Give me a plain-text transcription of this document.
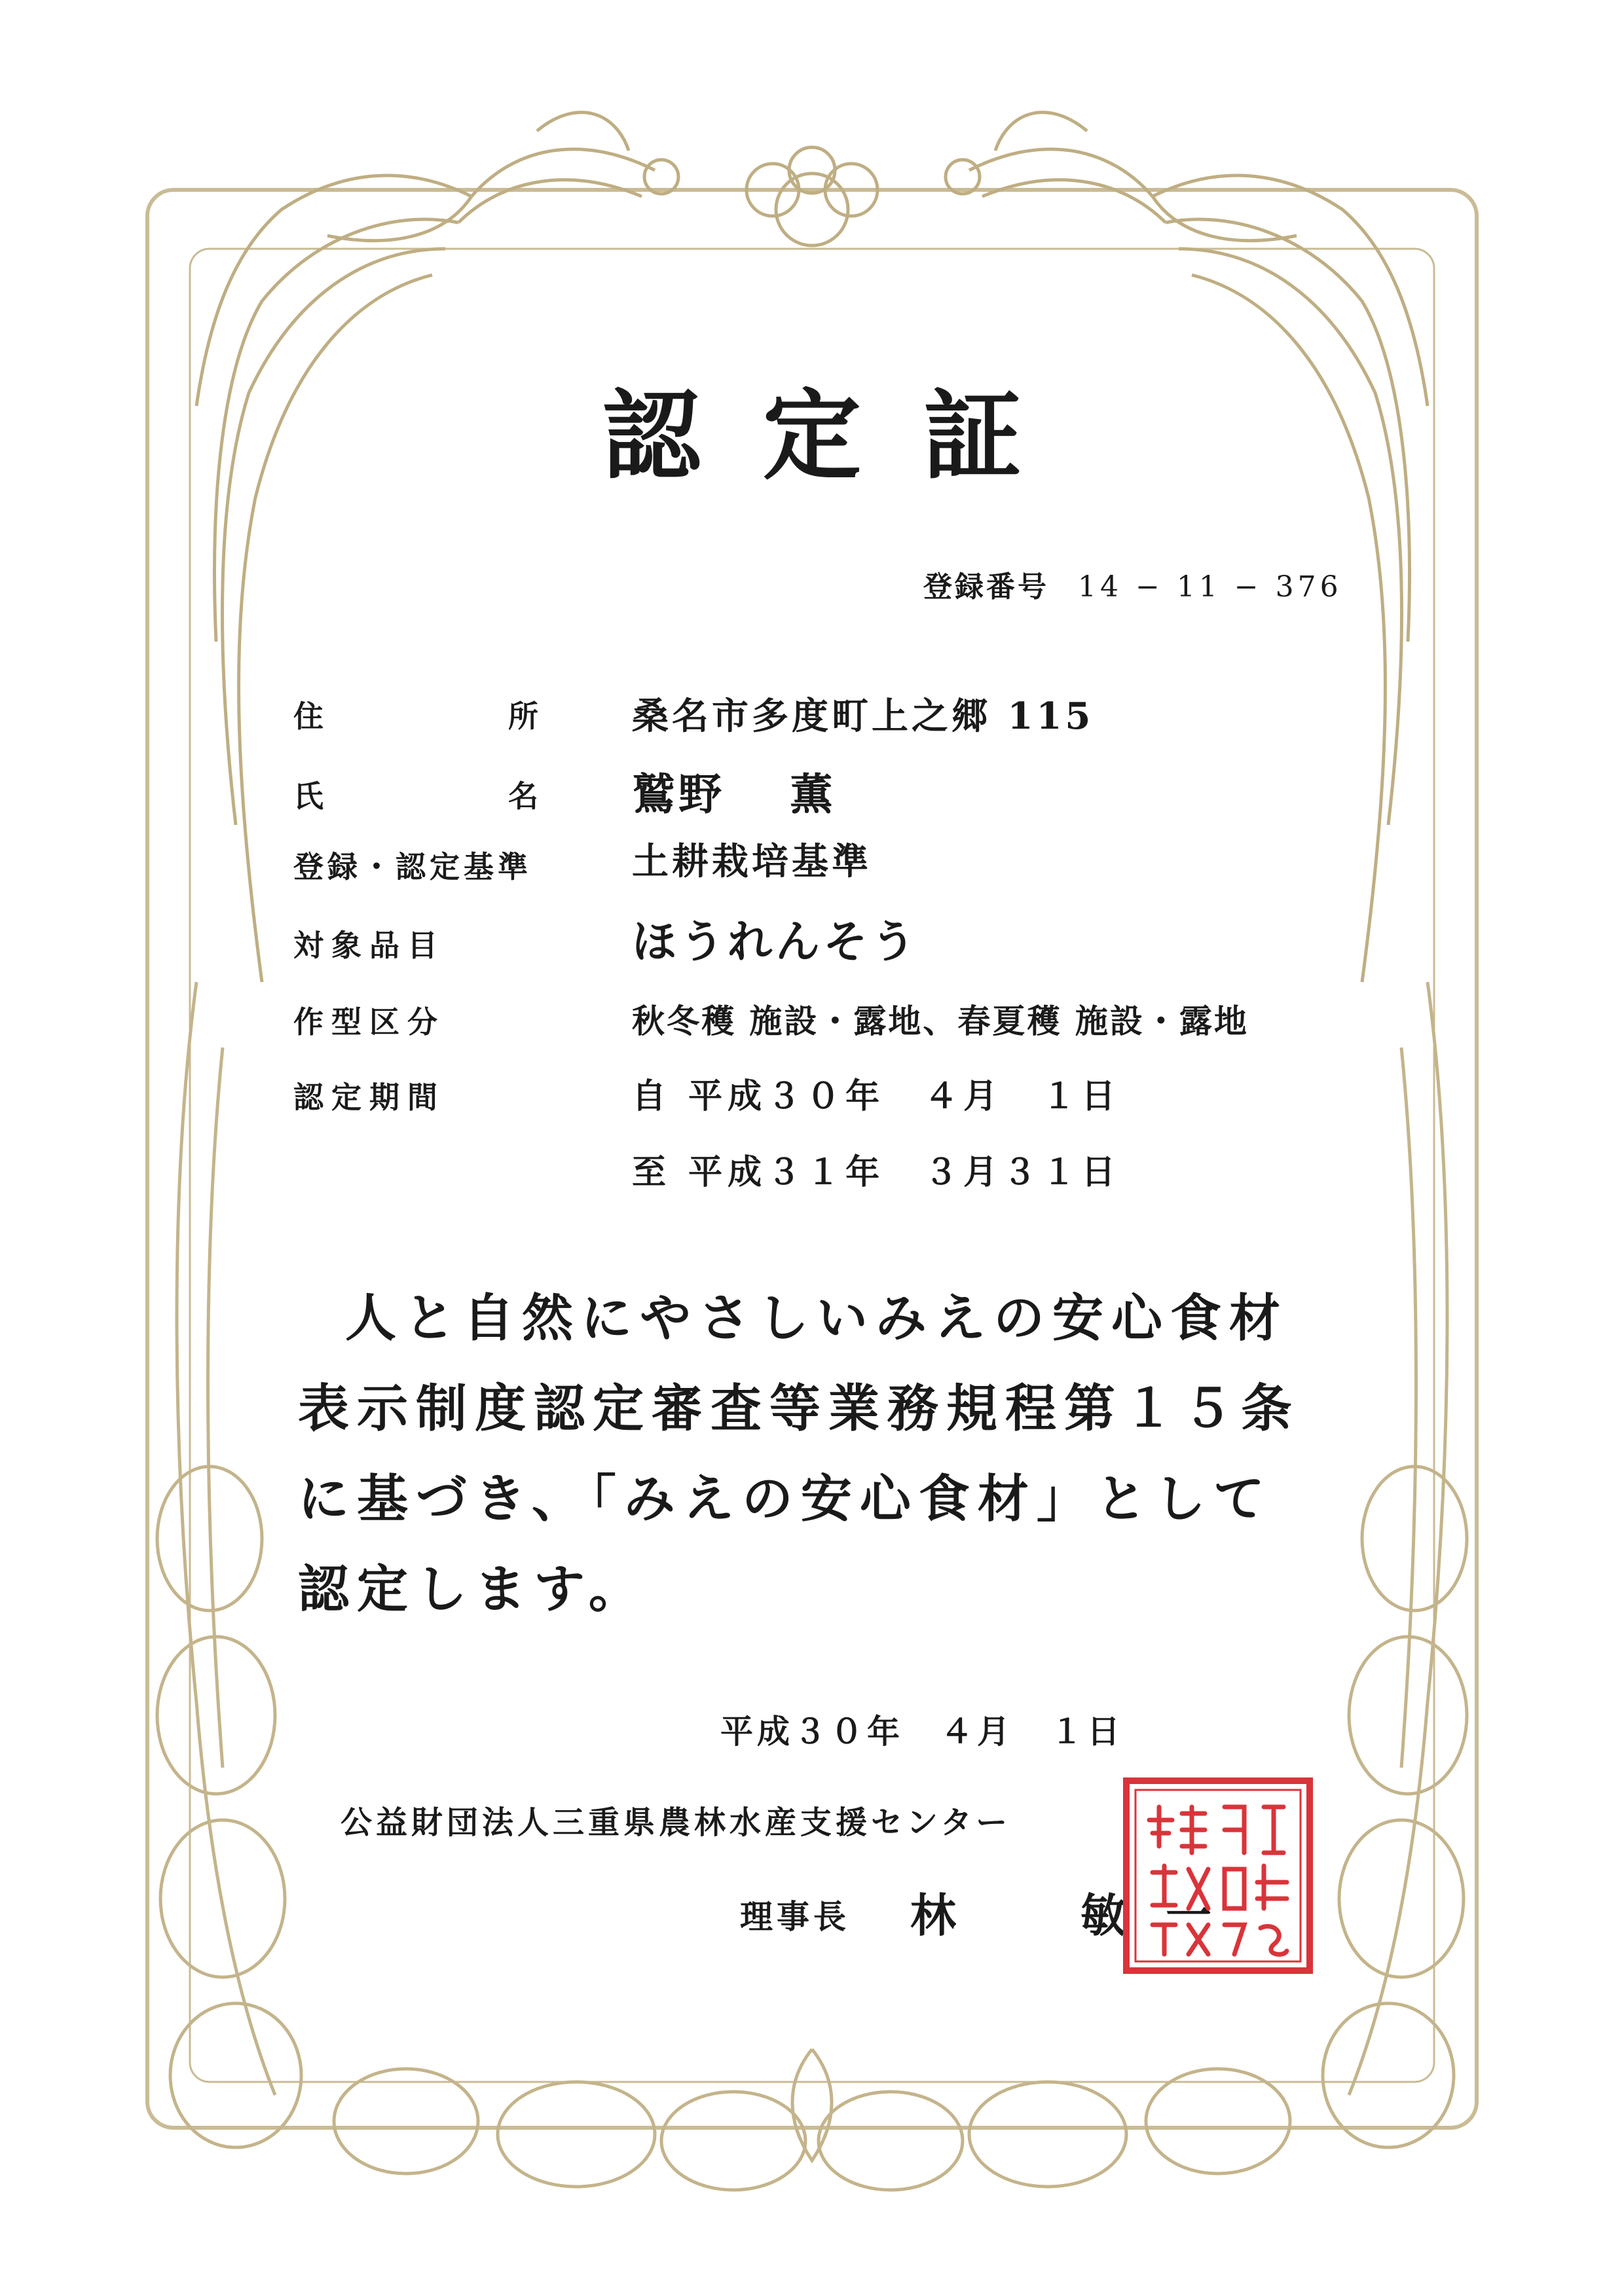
認定証
登録番号 14 − 11 − 376
住　所 桑名市多度町上之郷 115
氏　名 鷲野　 薫
登録・認定基準	土耕栽培基準
対象品目	ほうれんそう
作型区分	秋冬穫 施設・露地、春夏穫 施設・露地
認定期間	自 平成３０年　４月　１日
至 平成３１年　３月３１日
人と自然にやさしいみえの安心食材
表示制度認定審査等業務規程第１５条
に基づき、「みえの安心食材」として
認定します。
平成３０年　４月　１日
公益財団法人三重県農林水産支援センター
理事長 林　敏一
